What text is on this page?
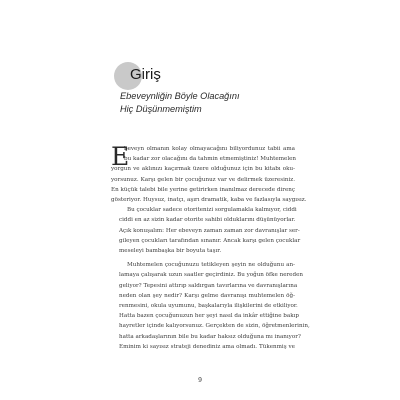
Giriş
Ebeveynliğin Böyle Olacağını
Hiç Düşünmemiştim
E
beveyn olmanın kolay olmayacağını biliyordunuz tabii ama
bu kadar zor olacağını da tahmin etmemiştiniz! Muhtemelen
yorgun ve aklınızı kaçırmak üzere olduğunuz için bu kitabı oku-
yorsunuz. Karşı gelen bir çocuğunuz var ve delirmek üzeresiniz.
En küçük talebi bile yerine getirirken inanılmaz derecede direnç
gösteriyor. Huysuz, inatçı, aşırı dramatik, kaba ve fazlasıyla saygısız.
Bu çocuklar sadece otoritenizi sorgulamakla kalmıyor, ciddi
ciddi en az sizin kadar otorite sahibi olduklarını düşünüyorlar.
Açık konuşalım: Her ebeveyn zaman zaman zor davranışlar ser-
gileyen çocukları tarafından sınanır. Ancak karşı gelen çocuklar
meseleyi bambaşka bir boyuta taşır.
Muhtemelen çocuğunuzu tetikleyen şeyin ne olduğunu an-
lamaya çalışarak uzun saatler geçirdiniz. Bu yoğun öfke nereden
geliyor? Tepesini attırıp saldırgan tavırlarına ve davranışlarına
neden olan şey nedir? Karşı gelme davranışı muhtemelen öğ-
renmesini, okula uyumunu, başkalarıyla ilişkilerini de etkiliyor.
Hatta bazen çocuğunuzun her şeyi nasıl da inkâr ettiğine bakıp
hayretler içinde kalıyorsunuz. Gerçekten de sizin, öğretmenlerinin,
hatta arkadaşlarının bile bu kadar haksız olduğuna mı inanıyor?
Eminim ki sayısız strateji denediniz ama olmadı. Tükenmiş ve
9
